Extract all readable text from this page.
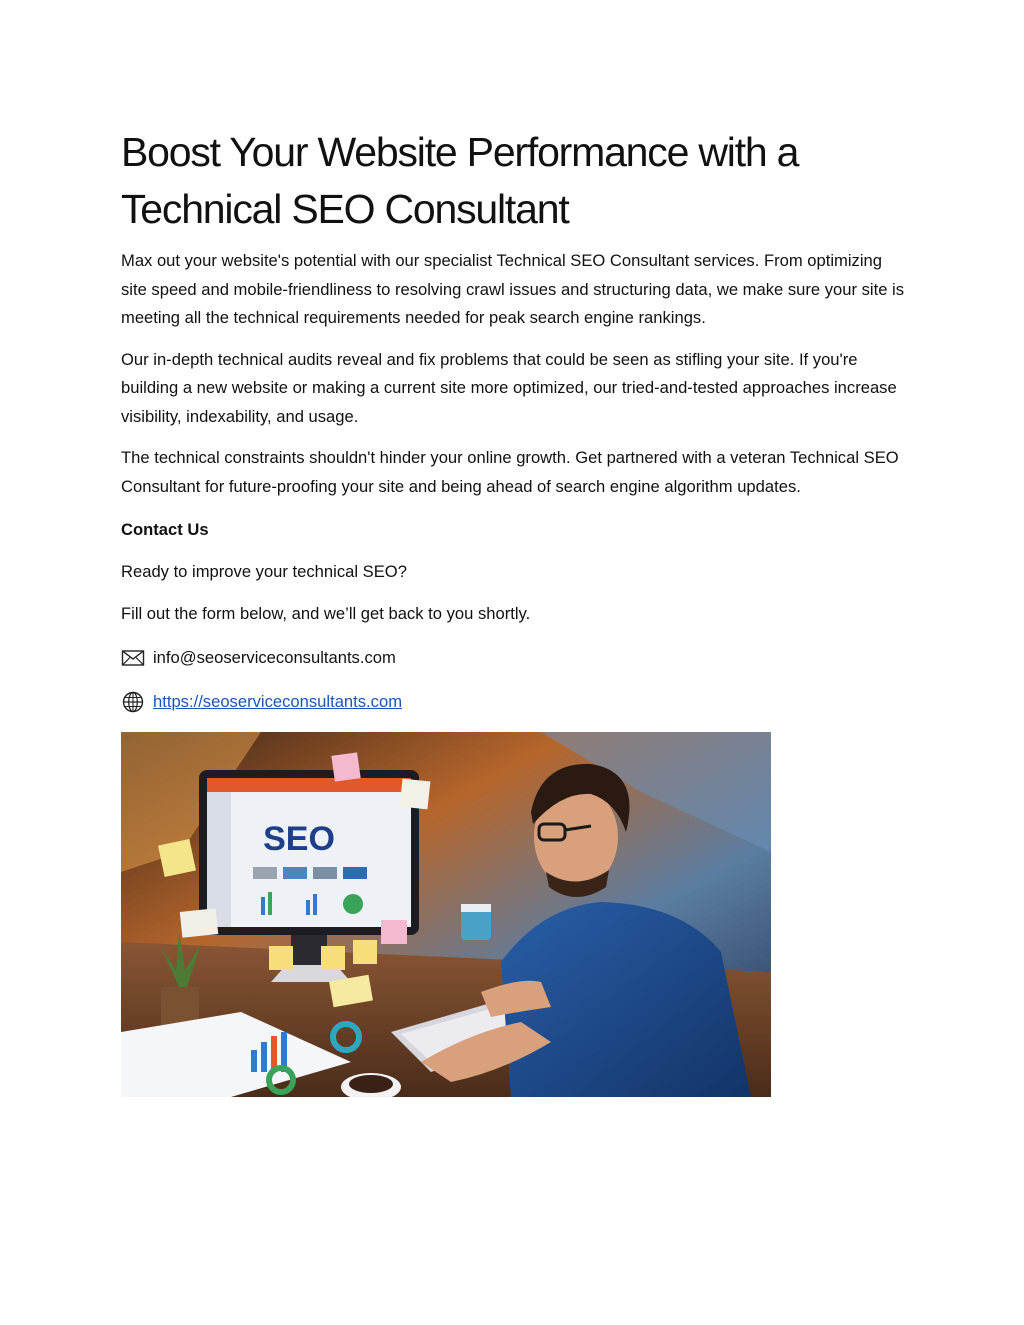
Boost Your Website Performance with a Technical SEO Consultant

Max out your website's potential with our specialist Technical SEO Consultant services. From optimizing site speed and mobile-friendliness to resolving crawl issues and structuring data, we make sure your site is meeting all the technical requirements needed for peak search engine rankings.

Our in-depth technical audits reveal and fix problems that could be seen as stifling your site. If you're building a new website or making a current site more optimized, our tried-and-tested approaches increase visibility, indexability, and usage.

The technical constraints shouldn't hinder your online growth. Get partnered with a veteran Technical SEO Consultant for future-proofing your site and being ahead of search engine algorithm updates.

Contact Us

Ready to improve your technical SEO?

Fill out the form below, and we’ll get back to you shortly.

info@seoserviceconsultants.com
https://seoserviceconsultants.com
SEO
